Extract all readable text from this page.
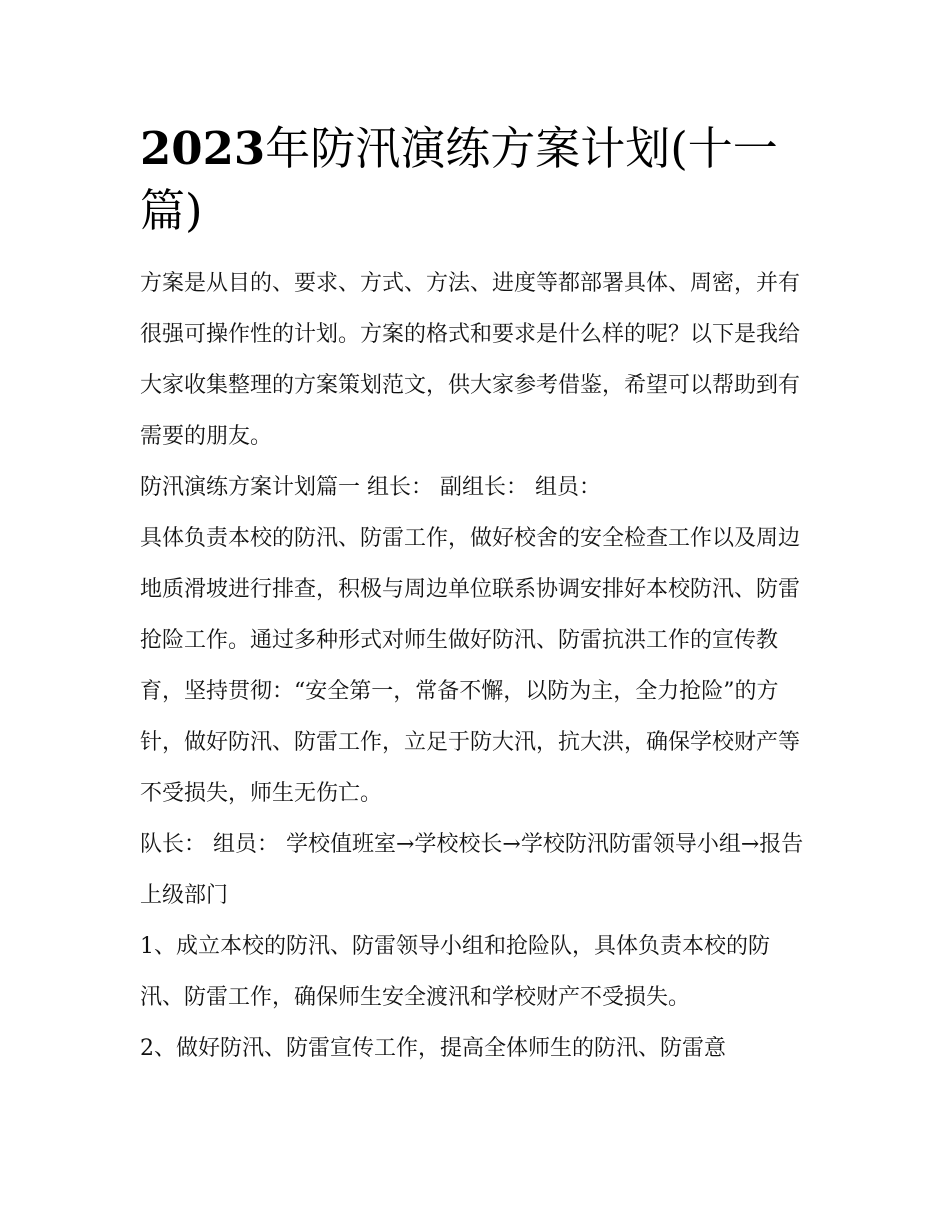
2023年防汛演练方案计划(十一篇)

方案是从目的、要求、方式、方法、进度等都部署具体、周密，并有很强可操作性的计划。方案的格式和要求是什么样的呢？以下是我给大家收集整理的方案策划范文，供大家参考借鉴，希望可以帮助到有需要的朋友。

防汛演练方案计划篇一 组长： 副组长： 组员：

具体负责本校的防汛、防雷工作，做好校舍的安全检查工作以及周边地质滑坡进行排查，积极与周边单位联系协调安排好本校防汛、防雷抢险工作。通过多种形式对师生做好防汛、防雷抗洪工作的宣传教育，坚持贯彻：“安全第一，常备不懈，以防为主，全力抢险”的方针，做好防汛、防雷工作，立足于防大汛，抗大洪，确保学校财产等不受损失，师生无伤亡。

队长： 组员： 学校值班室→学校校长→学校防汛防雷领导小组→报告上级部门

1、成立本校的防汛、防雷领导小组和抢险队，具体负责本校的防汛、防雷工作，确保师生安全渡汛和学校财产不受损失。

2、做好防汛、防雷宣传工作，提高全体师生的防汛、防雷意
